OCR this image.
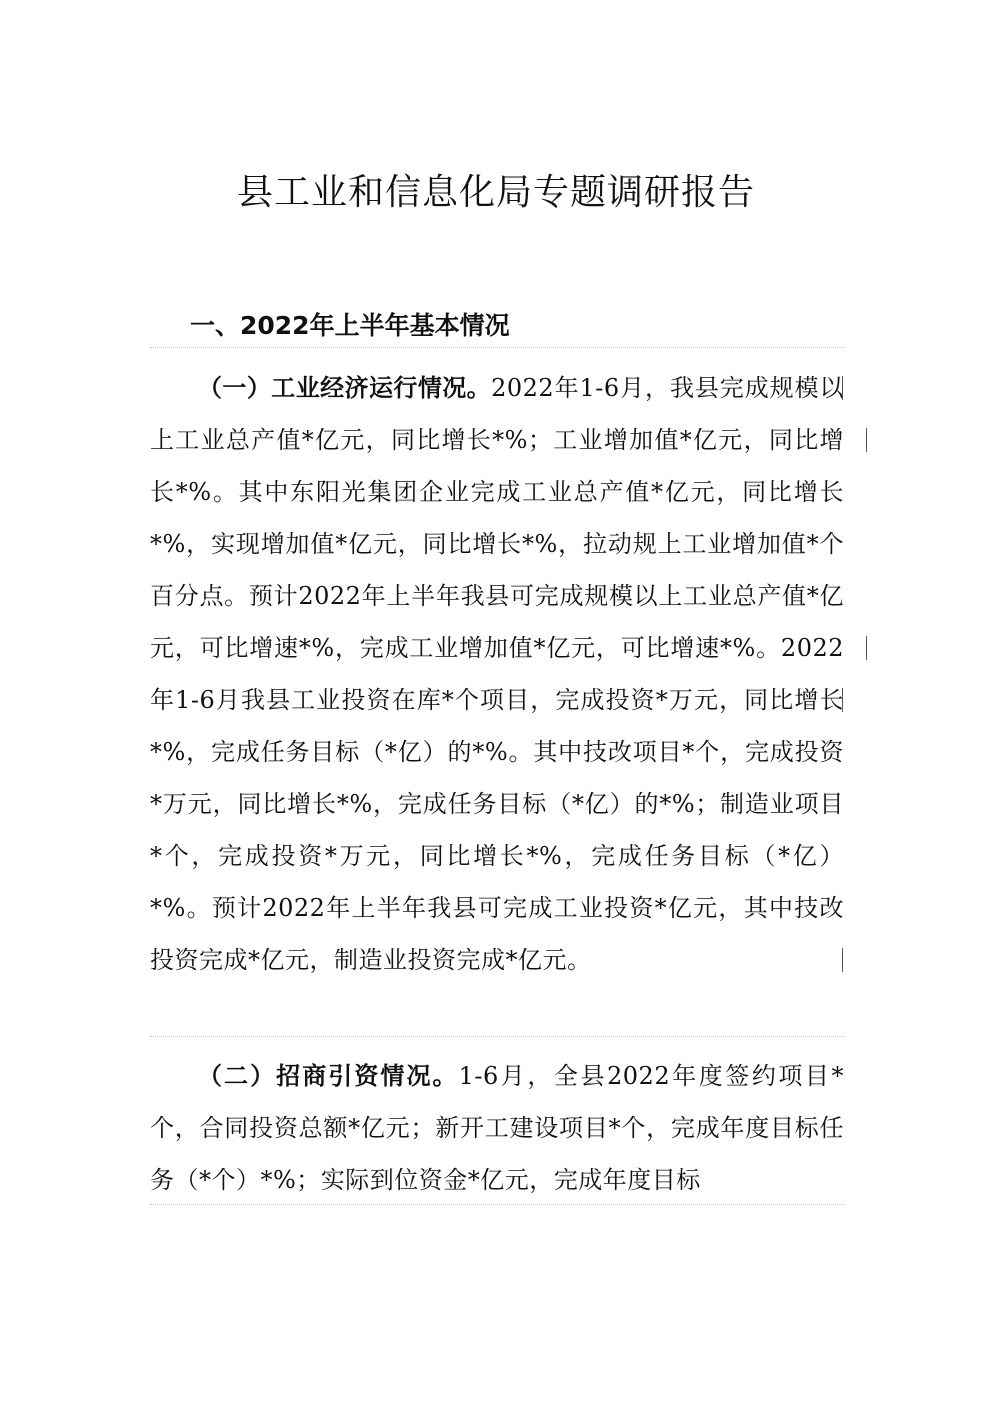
县工业和信息化局专题调研报告
一、2022年上半年基本情况

（一）工业经济运行情况。2022年1-6月，我县完成规模以上工业总产值*亿元，同比增长*%；工业增加值*亿元，同比增长*%。其中东阳光集团企业完成工业总产值*亿元，同比增长*%，实现增加值*亿元，同比增长*%，拉动规上工业增加值*个百分点。预计2022年上半年我县可完成规模以上工业总产值*亿元，可比增速*%，完成工业增加值*亿元，可比增速*%。2022年1-6月我县工业投资在库*个项目，完成投资*万元，同比增长*%，完成任务目标（*亿）的*%。其中技改项目*个，完成投资*万元，同比增长*%，完成任务目标（*亿）的*%；制造业项目*个，完成投资*万元，同比增长*%，完成任务目标（*亿）*%。预计2022年上半年我县可完成工业投资*亿元，其中技改投资完成*亿元，制造业投资完成*亿元。

（二）招商引资情况。1-6月，全县2022年度签约项目*个，合同投资总额*亿元；新开工建设项目*个，完成年度目标任务（*个）*%；实际到位资金*亿元，完成年度目标
